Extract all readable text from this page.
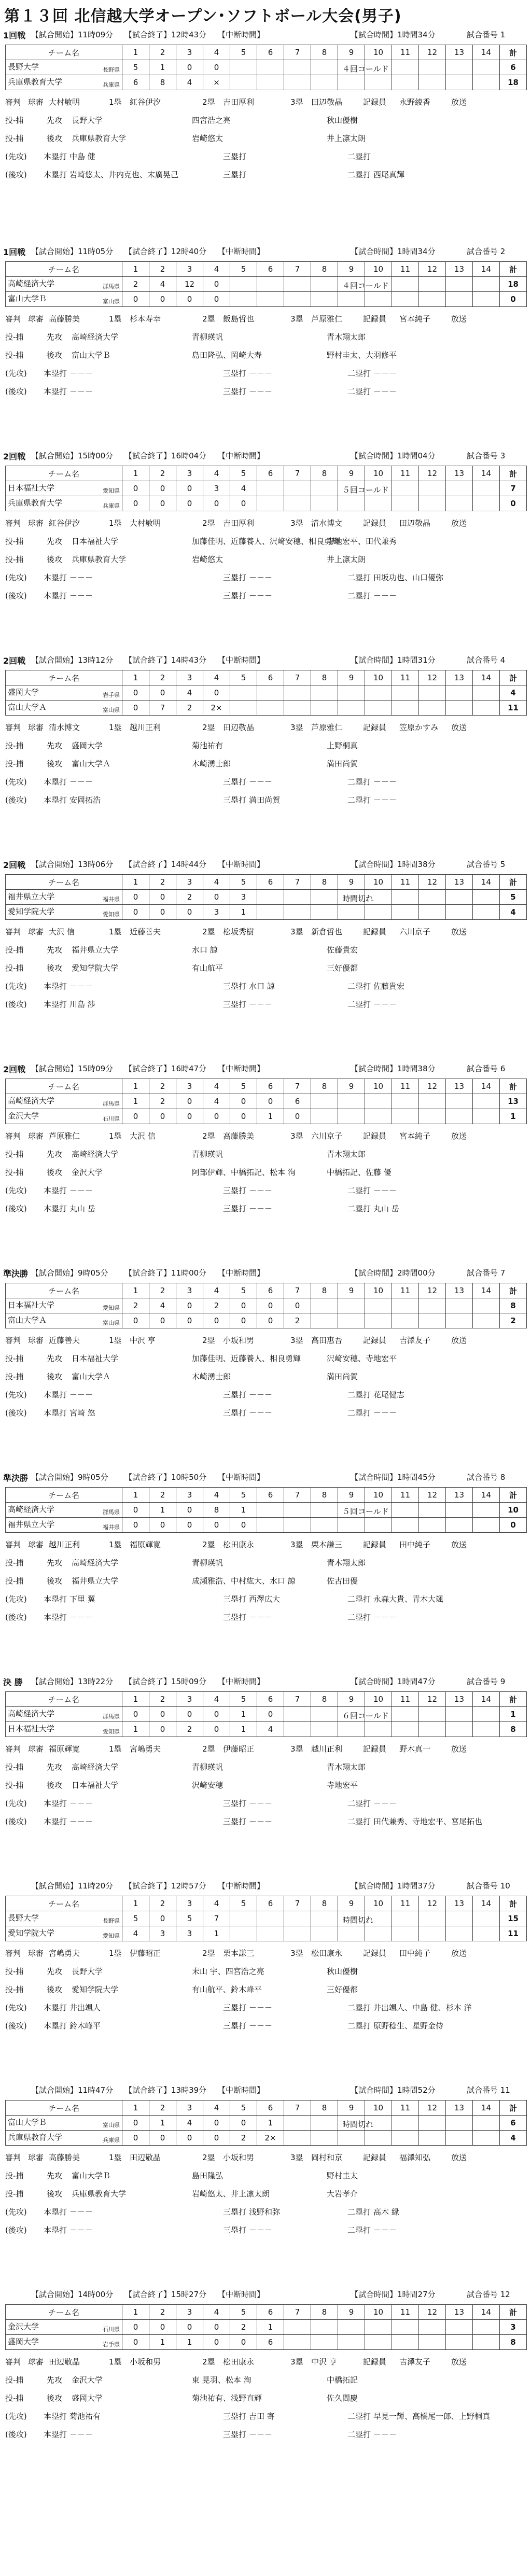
第１３回 北信越大学オープン･ソフトボール大会(男子)
1回戦 【試合開始】11時09分 【試合終了】12時43分 【中断時間】	【試合時間】1時間34分	試合番号 1
チーム名	1	2	3	4	5	6	7	8	9	10	11	12	13	14	計
長野大学 長野県	5	1	0	0											6
兵庫県教育大学 兵庫県	6	8	4	×											18
４回コールド
審判 球審 大村敏明	1塁 紅谷伊汐	2塁 吉田厚利	3塁 田辺敬晶	記録員 永野綾香	放送
投-捕	先攻 長野大学	四宮浩之亮	秋山優樹
投-捕	後攻 兵庫県教育大学	岩崎悠太	井上凛太朗
(先攻) 本塁打 中島 健	三塁打	二塁打
(後攻) 本塁打 岩崎悠太、井内克也、末廣晃己	三塁打	二塁打 西尾真輝
1回戦 【試合開始】11時05分 【試合終了】12時40分 【中断時間】	【試合時間】1時間34分	試合番号 2
チーム名	1	2	3	4	5	6	7	8	9	10	11	12	13	14	計
高崎経済大学 群馬県	2	4	12	0											18
富山大学Ｂ 富山県	0	0	0	0											0
４回コールド
審判 球審 高藤勝美	1塁 杉本寿幸	2塁 飯島哲也	3塁 芦原雅仁	記録員 宮本純子	放送
投-捕	先攻 高崎経済大学	青柳瑛帆	青木翔太郎
投-捕	後攻 富山大学Ｂ	島田隆弘、岡崎大寿	野村圭太、大羽修平
(先攻) 本塁打 －－－	三塁打 －－－	二塁打 －－－
(後攻) 本塁打 －－－	三塁打 －－－	二塁打 －－－
2回戦 【試合開始】15時00分 【試合終了】16時04分 【中断時間】	【試合時間】1時間04分	試合番号 3
チーム名	1	2	3	4	5	6	7	8	9	10	11	12	13	14	計
日本福祉大学 愛知県	0	0	0	3	4										7
兵庫県教育大学 兵庫県	0	0	0	0	0										0
５回コールド
審判 球審 紅谷伊汐	1塁 大村敏明	2塁 吉田厚利	3塁 清水博文	記録員 田辺敬晶	放送
投-捕	先攻 日本福祉大学	加藤佳明、近藤養人、沢﨑安穂、相良勇輝
寺地宏平、田代兼秀
投-捕	後攻 兵庫県教育大学	岩崎悠太	井上凛太朗
(先攻) 本塁打 －－－	三塁打 －－－	二塁打 田坂功也、山口優弥
(後攻) 本塁打 －－－	三塁打 －－－	二塁打 －－－
2回戦 【試合開始】13時12分 【試合終了】14時43分 【中断時間】	【試合時間】1時間31分	試合番号 4
チーム名	1	2	3	4	5	6	7	8	9	10	11	12	13	14	計
盛岡大学 岩手県	0	0	4	0											4
富山大学Ａ 富山県	0	7	2	2×											11
審判 球審 清水博文	1塁 越川正利	2塁 田辺敬晶	3塁 芦原雅仁	記録員 笠原かすみ 放送
投-捕	先攻 盛岡大学	菊池祐有	上野桐真
投-捕	後攻 富山大学Ａ	木崎湧士郎	満田尚賀
(先攻) 本塁打 －－－	三塁打 －－－	二塁打 －－－
(後攻) 本塁打 安岡拓浩	三塁打 満田尚賀	二塁打 －－－
2回戦 【試合開始】13時06分 【試合終了】14時44分 【中断時間】	【試合時間】1時間38分	試合番号 5
チーム名	1	2	3	4	5	6	7	8	9	10	11	12	13	14	計
福井県立大学 福井県	0	0	2	0	3										5
愛知学院大学 愛知県	0	0	0	3	1										4
時間切れ
審判 球審 大沢 信	1塁 近藤善夫	2塁 松坂秀樹	3塁 新倉哲也	記録員 六川京子	放送
投-捕	先攻 福井県立大学	水口 諒	佐藤貴宏
投-捕	後攻 愛知学院大学	有山航平	三好優都
(先攻) 本塁打 －－－	三塁打 水口 諒	二塁打 佐藤貴宏
(後攻) 本塁打 川島 渉	三塁打 －－－	二塁打 －－－
2回戦 【試合開始】15時09分 【試合終了】16時47分 【中断時間】	【試合時間】1時間38分	試合番号 6
チーム名	1	2	3	4	5	6	7	8	9	10	11	12	13	14	計
高崎経済大学 群馬県	1	2	0	4	0	0	6								13
金沢大学 石川県	0	0	0	0	0	1	0								1
審判 球審 芦原雅仁	1塁 大沢 信	2塁 高藤勝美	3塁 六川京子	記録員 宮本純子	放送
投-捕	先攻 高崎経済大学	青柳瑛帆	青木翔太郎
投-捕	後攻 金沢大学	阿部伊輝、中橋拓記、松本 洵	中橋拓記、佐藤 優
(先攻) 本塁打 －－－	三塁打 －－－	二塁打 －－－
(後攻) 本塁打 丸山 岳	三塁打 －－－	二塁打 丸山 岳
準決勝 【試合開始】9時05分 【試合終了】11時00分 【中断時間】	【試合時間】2時間00分	試合番号 7
チーム名	1	2	3	4	5	6	7	8	9	10	11	12	13	14	計
日本福祉大学 愛知県	2	4	0	2	0	0	0								8
富山大学Ａ 富山県	0	0	0	0	0	0	2								2
審判 球審 近藤善夫	1塁 中沢 亨	2塁 小坂和男	3塁 高田惠吾	記録員 吉澤友子	放送
投-捕	先攻 日本福祉大学	加藤佳明、近藤養人、相良勇輝	沢﨑安穂、寺地宏平
投-捕	後攻 富山大学Ａ	木崎湧士郎	満田尚賀
(先攻) 本塁打 －－－	三塁打 －－－	二塁打 花尾健志
(後攻) 本塁打 宮崎 悠	三塁打 －－－	二塁打 －－－
準決勝 【試合開始】9時05分 【試合終了】10時50分 【中断時間】	【試合時間】1時間45分	試合番号 8
チーム名	1	2	3	4	5	6	7	8	9	10	11	12	13	14	計
高崎経済大学 群馬県	0	1	0	8	1										10
福井県立大学 福井県	0	0	0	0	0										0
５回コールド
審判 球審 越川正利	1塁 福原輝寛	2塁 松田康永	3塁 栗本謙三	記録員 田中純子	放送
投-捕	先攻 高崎経済大学	青柳瑛帆	青木翔太郎
投-捕	後攻 福井県立大学	成瀬雅浩、中村紘大、水口 諒	佐古田優
(先攻) 本塁打 下里 翼	三塁打 西澤広大	二塁打 永森大貴、青木大颯
(後攻) 本塁打 －－－	三塁打 －－－	二塁打 －－－
決 勝 【試合開始】13時22分 【試合終了】15時09分 【中断時間】	【試合時間】1時間47分	試合番号 9
チーム名	1	2	3	4	5	6	7	8	9	10	11	12	13	14	計
高崎経済大学 群馬県	0	0	0	0	1	0									1
日本福祉大学 愛知県	1	0	2	0	1	4									8
６回コールド
審判 球審 福原輝寛	1塁 宮嶋勇夫	2塁 伊藤昭正	3塁 越川正利	記録員 野木真一	放送
投-捕	先攻 高崎経済大学	青柳瑛帆	青木翔太郎
投-捕	後攻 日本福祉大学	沢﨑安穂	寺地宏平
(先攻) 本塁打 －－－	三塁打 －－－	二塁打 －－－
(後攻) 本塁打 －－－	三塁打 －－－	二塁打 田代兼秀、寺地宏平、宮尾拓也
【試合開始】11時20分 【試合終了】12時57分 【中断時間】	【試合時間】1時間37分	試合番号 10
チーム名	1	2	3	4	5	6	7	8	9	10	11	12	13	14	計
長野大学 長野県	5	0	5	7											15
愛知学院大学 愛知県	4	3	3	1											11
時間切れ
審判 球審 宮嶋勇夫	1塁 伊藤昭正	2塁 栗本謙三	3塁 松田康永	記録員 田中純子	放送
投-捕	先攻 長野大学	末山 宇、四宮浩之亮	秋山優樹
投-捕	後攻 愛知学院大学	有山航平、鈴木峰平	三好優都
(先攻) 本塁打 井出颯人	三塁打 －－－	二塁打 井出颯人、中島 健、杉本 洋
(後攻) 本塁打 鈴木峰平	三塁打 －－－	二塁打 原野稔生、星野金侍
【試合開始】11時47分 【試合終了】13時39分 【中断時間】	【試合時間】1時間52分	試合番号 11
チーム名	1	2	3	4	5	6	7	8	9	10	11	12	13	14	計
富山大学Ｂ 富山県	0	1	4	0	0	1									6
兵庫県教育大学 兵庫県	0	0	0	0	2	2×									4
時間切れ
審判 球審 高藤勝美	1塁 田辺敬晶	2塁 小坂和男	3塁 岡村和京	記録員 福澤知弘	放送
投-捕	先攻 富山大学Ｂ	島田隆弘	野村圭太
投-捕	後攻 兵庫県教育大学	岩崎悠太、井上凛太朗	大岩孝介
(先攻) 本塁打 －－－	三塁打 浅野和弥	二塁打 高木 縁
(後攻) 本塁打 －－－	三塁打 －－－	二塁打 －－－
【試合開始】14時00分 【試合終了】15時27分 【中断時間】	【試合時間】1時間27分	試合番号 12
チーム名	1	2	3	4	5	6	7	8	9	10	11	12	13	14	計
金沢大学 石川県	0	0	0	0	2	1									3
盛岡大学 岩手県	0	1	1	0	0	6									8
審判 球審 田辺敬晶	1塁 小坂和男	2塁 松田康永	3塁 中沢 亨	記録員 吉澤友子	放送
投-捕	先攻 金沢大学	東 晃羽、松本 洵	中橋拓記
投-捕	後攻 盛岡大学	菊池祐有、浅野直輝	佐久間慶
(先攻) 本塁打 菊池祐有	三塁打 吉田 寄	二塁打 早見一輝、高橋尾一郎、上野桐真
(後攻) 本塁打 －－－	三塁打 －－－	二塁打 －－－
